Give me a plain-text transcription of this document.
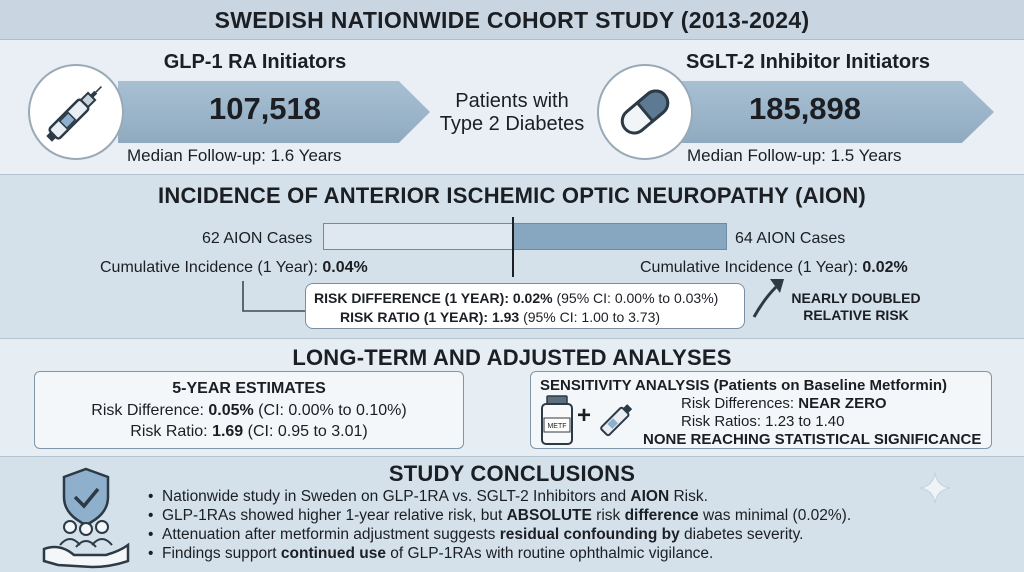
SWEDISH NATIONWIDE COHORT STUDY (2013-2024)
GLP-1 RA Initiators
107,518
Median Follow-up: 1.6 Years
Patients with
Type 2 Diabetes
SGLT-2 Inhibitor Initiators
185,898
Median Follow-up: 1.5 Years
INCIDENCE OF ANTERIOR ISCHEMIC OPTIC NEUROPATHY (AION)
62 AION Cases	64 AION Cases
Cumulative Incidence (1 Year): 0.04%	Cumulative Incidence (1 Year): 0.02%
RISK DIFFERENCE (1 YEAR): 0.02% (95% CI: 0.00% to 0.03%)
RISK RATIO (1 YEAR): 1.93 (95% CI: 1.00 to 3.73)
NEARLY DOUBLED
RELATIVE RISK
LONG-TERM AND ADJUSTED ANALYSES
5-YEAR ESTIMATES
Risk Difference: 0.05% (CI: 0.00% to 0.10%)
Risk Ratio: 1.69 (CI: 0.95 to 3.01)
SENSITIVITY ANALYSIS (Patients on Baseline Metformin)
METF +	Risk Differences: NEAR ZERO
Risk Ratios: 1.23 to 1.40
NONE REACHING STATISTICAL SIGNIFICANCE
STUDY CONCLUSIONS
• Nationwide study in Sweden on GLP-1RA vs. SGLT-2 Inhibitors and AION Risk.
• GLP-1RAs showed higher 1-year relative risk, but ABSOLUTE risk difference was minimal (0.02%).
• Attenuation after metformin adjustment suggests residual confounding by diabetes severity.
• Findings support continued use of GLP-1RAs with routine ophthalmic vigilance.
